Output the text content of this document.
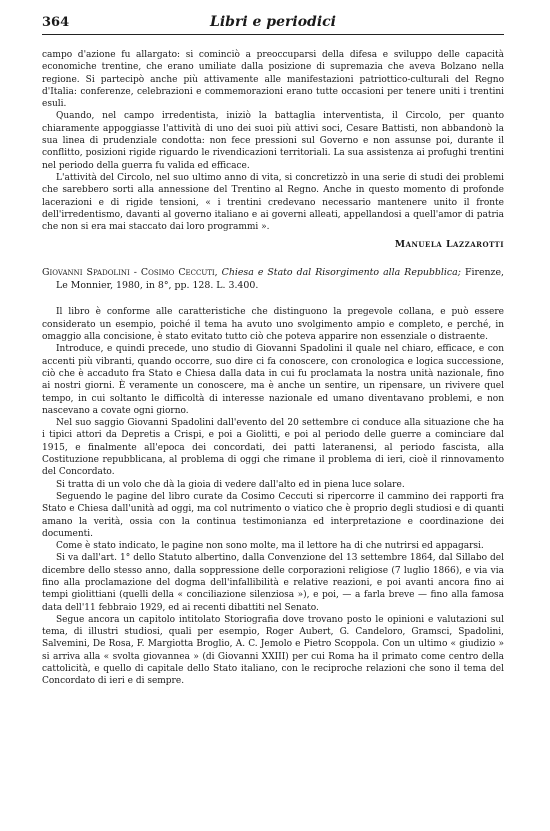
364	Libri e periodici

campo d'azione fu allargato: si cominciò a preoccuparsi della difesa e sviluppo delle capacità economiche trentine, che erano umiliate dalla posizione di supremazia che aveva Bolzano nella regione. Si partecipò anche più attivamente alle manifestazioni patriottico-culturali del Regno d'Italia: conferenze, celebrazioni e commemorazioni erano tutte occasioni per tenere uniti i trentini esuli.

Quando, nel campo irredentista, iniziò la battaglia interventista, il Circolo, per quanto chiaramente appoggiasse l'attività di uno dei suoi più attivi soci, Cesare Battisti, non abbandonò la sua linea di prudenziale condotta: non fece pressioni sul Governo e non assunse poi, durante il conflitto, posizioni rigide riguardo le rivendicazioni territoriali. La sua assistenza ai profughi trentini nel periodo della guerra fu valida ed efficace.

L'attività del Circolo, nel suo ultimo anno di vita, si concretizzò in una serie di studi dei problemi che sarebbero sorti alla annessione del Trentino al Regno. Anche in questo momento di profonde lacerazioni e di rigide tensioni, « i trentini credevano necessario mantenere unito il fronte dell'irredentismo, davanti al governo italiano e ai governi alleati, appellandosi a quell'amor di patria che non si era mai staccato dai loro programmi ».

Manuela Lazzarotti

Giovanni Spadolini - Cosimo Ceccuti, Chiesa e Stato dal Risorgimento alla Repubblica; Firenze, Le Monnier, 1980, in 8°, pp. 128. L. 3.400.

Il libro è conforme alle caratteristiche che distinguono la pregevole collana, e può essere considerato un esempio, poiché il tema ha avuto uno svolgimento ampio e completo, e perché, in omaggio alla concisione, è stato evitato tutto ciò che poteva apparire non essenziale o distraente.

Introduce, e quindi precede, uno studio di Giovanni Spadolini il quale nel chiaro, efficace, e con accenti più vibranti, quando occorre, suo dire ci fa conoscere, con cronologica e logica successione, ciò che è accaduto fra Stato e Chiesa dalla data in cui fu proclamata la nostra unità nazionale, fino ai nostri giorni. È veramente un conoscere, ma è anche un sentire, un ripensare, un rivivere quel tempo, in cui soltanto le difficoltà di interesse nazionale ed umano diventavano problemi, e non nascevano a covate ogni giorno.

Nel suo saggio Giovanni Spadolini dall'evento del 20 settembre ci conduce alla situazione che ha i tipici attori da Depretis a Crispi, e poi a Giolitti, e poi al periodo delle guerre a cominciare dal 1915, e finalmente all'epoca dei concordati, dei patti lateranensi, al periodo fascista, alla Costituzione repubblicana, al problema di oggi che rimane il problema di ieri, cioè il rinnovamento del Concordato.

Si tratta di un volo che dà la gioia di vedere dall'alto ed in piena luce solare.

Seguendo le pagine del libro curate da Cosimo Ceccuti si ripercorre il cammino dei rapporti fra Stato e Chiesa dall'unità ad oggi, ma col nutrimento o viatico che è proprio degli studiosi e di quanti amano la verità, ossia con la continua testimonianza ed interpretazione e coordinazione dei documenti.

Come è stato indicato, le pagine non sono molte, ma il lettore ha di che nutrirsi ed appagarsi.

Si va dall'art. 1° dello Statuto albertino, dalla Convenzione del 13 settembre 1864, dal Sillabo del dicembre dello stesso anno, dalla soppressione delle corporazioni religiose (7 luglio 1866), e via via fino alla proclamazione del dogma dell'infallibilità e relative reazioni, e poi avanti ancora fino ai tempi giolittiani (quelli della « conciliazione silenziosa »), e poi, — a farla breve — fino alla famosa data dell'11 febbraio 1929, ed ai recenti dibattiti nel Senato.

Segue ancora un capitolo intitolato Storiografia dove trovano posto le opinioni e valutazioni sul tema, di illustri studiosi, quali per esempio, Roger Aubert, G. Candeloro, Gramsci, Spadolini, Salvemini, De Rosa, F. Margiotta Broglio, A. C. Jemolo e Pietro Scoppola. Con un ultimo « giudizio » si arriva alla « svolta giovannea » (di Giovanni XXIII) per cui Roma ha il primato come centro della cattolicità, e quello di capitale dello Stato italiano, con le reciproche relazioni che sono il tema del Concordato di ieri e di sempre.
